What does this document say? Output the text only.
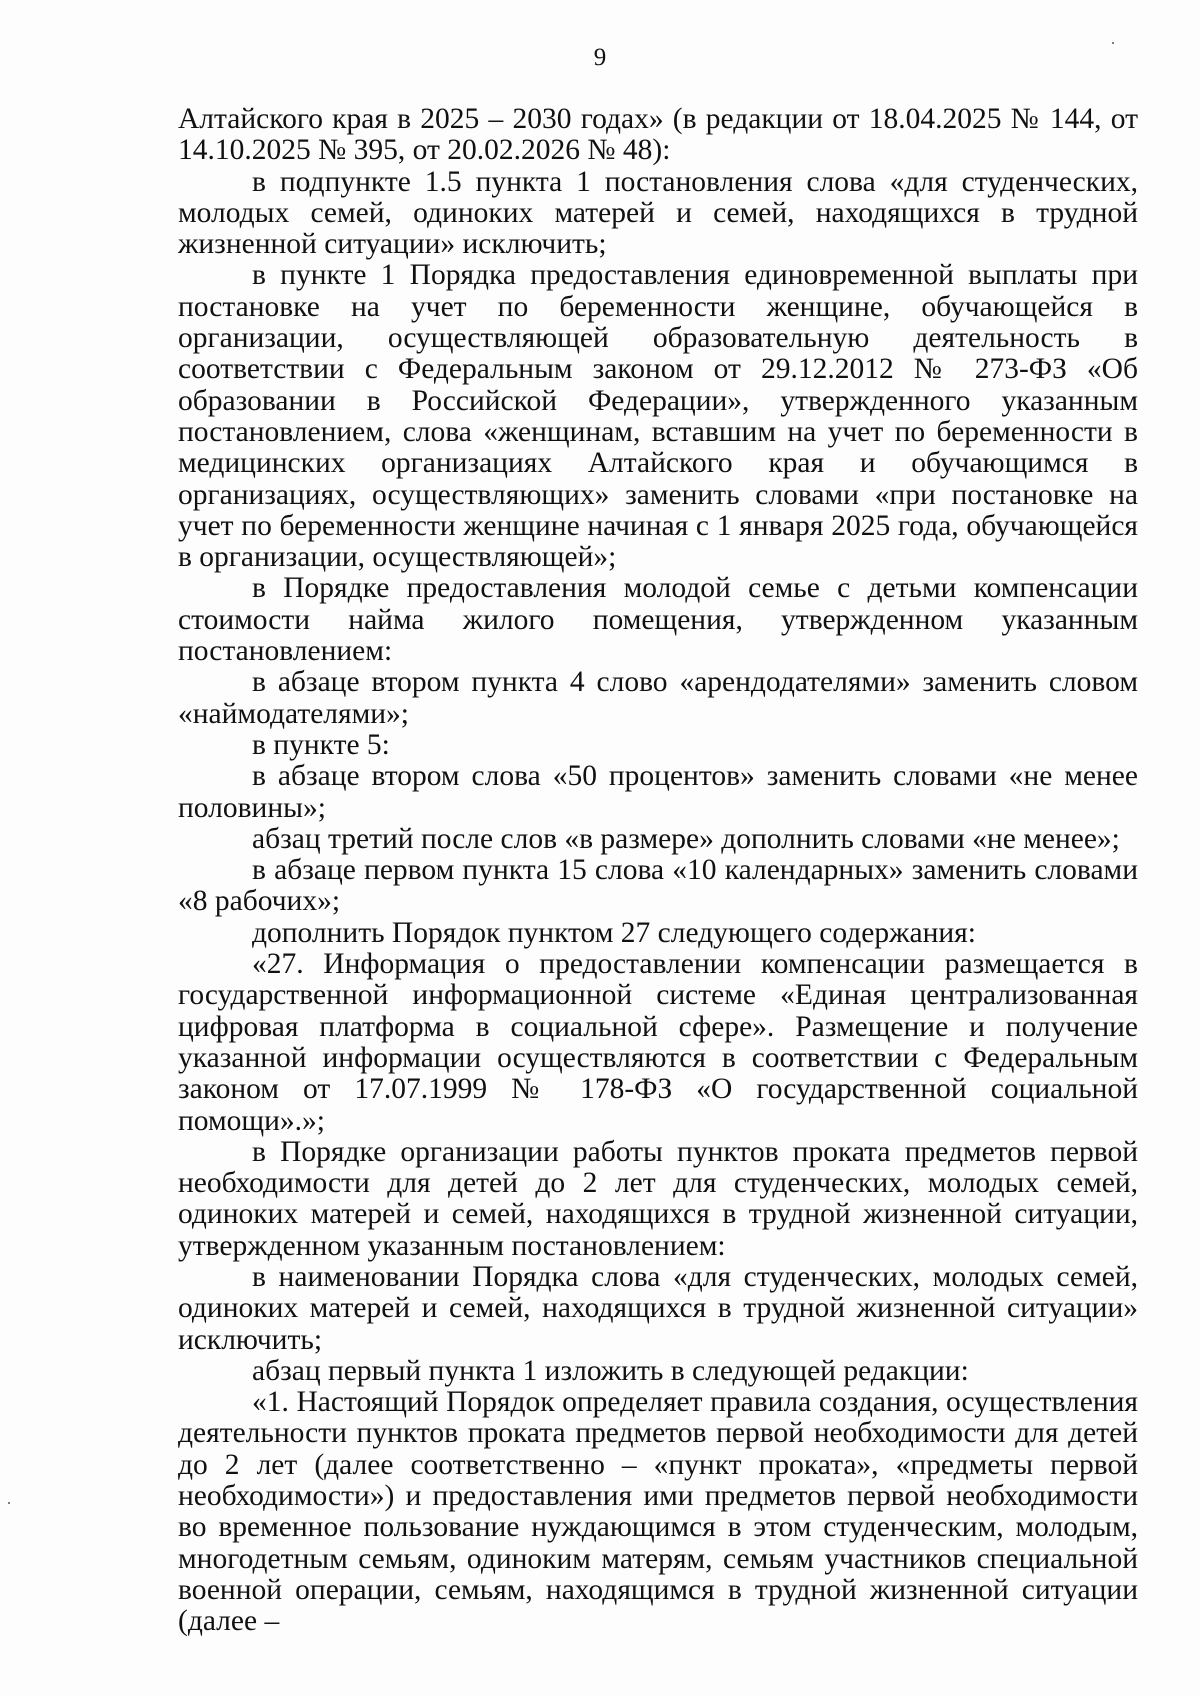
9

Алтайского края в 2025 – 2030 годах» (в редакции от 18.04.2025 № 144, от 14.10.2025 № 395, от 20.02.2026 № 48):

в подпункте 1.5 пункта 1 постановления слова «для студенческих, молодых семей, одиноких матерей и семей, находящихся в трудной жизненной ситуации» исключить;

в пункте 1 Порядка предоставления единовременной выплаты при постановке на учет по беременности женщине, обучающейся в организации, осуществляющей образовательную деятельность в соответствии с Федеральным законом от 29.12.2012 № 273-ФЗ «Об образовании в Российской Федерации», утвержденного указанным постановлением, слова «женщинам, вставшим на учет по беременности в медицинских организациях Алтайского края и обучающимся в организациях, осуществляющих» заменить словами «при постановке на учет по беременности женщине начиная с 1 января 2025 года, обучающейся в организации, осуществляющей»;

в Порядке предоставления молодой семье с детьми компенсации стоимости найма жилого помещения, утвержденном указанным постановлением:

в абзаце втором пункта 4 слово «арендодателями» заменить словом «наймодателями»;

в пункте 5:

в абзаце втором слова «50 процентов» заменить словами «не менее половины»;

абзац третий после слов «в размере» дополнить словами «не менее»;

в абзаце первом пункта 15 слова «10 календарных» заменить словами «8 рабочих»;

дополнить Порядок пунктом 27 следующего содержания:

«27. Информация о предоставлении компенсации размещается в государственной информационной системе «Единая централизованная цифровая платформа в социальной сфере». Размещение и получение указанной информации осуществляются в соответствии с Федеральным законом от 17.07.1999 № 178-ФЗ «О государственной социальной помощи».»;

в Порядке организации работы пунктов проката предметов первой необходимости для детей до 2 лет для студенческих, молодых семей, одиноких матерей и семей, находящихся в трудной жизненной ситуации, утвержденном указанным постановлением:

в наименовании Порядка слова «для студенческих, молодых семей, одиноких матерей и семей, находящихся в трудной жизненной ситуации» исключить;

абзац первый пункта 1 изложить в следующей редакции:

«1. Настоящий Порядок определяет правила создания, осуществления деятельности пунктов проката предметов первой необходимости для детей до 2 лет (далее соответственно – «пункт проката», «предметы первой необходимости») и предоставления ими предметов первой необходимости во временное пользование нуждающимся в этом студенческим, молодым, многодетным семьям, одиноким матерям, семьям участников специальной военной операции, семьям, находящимся в трудной жизненной ситуации (далее –
